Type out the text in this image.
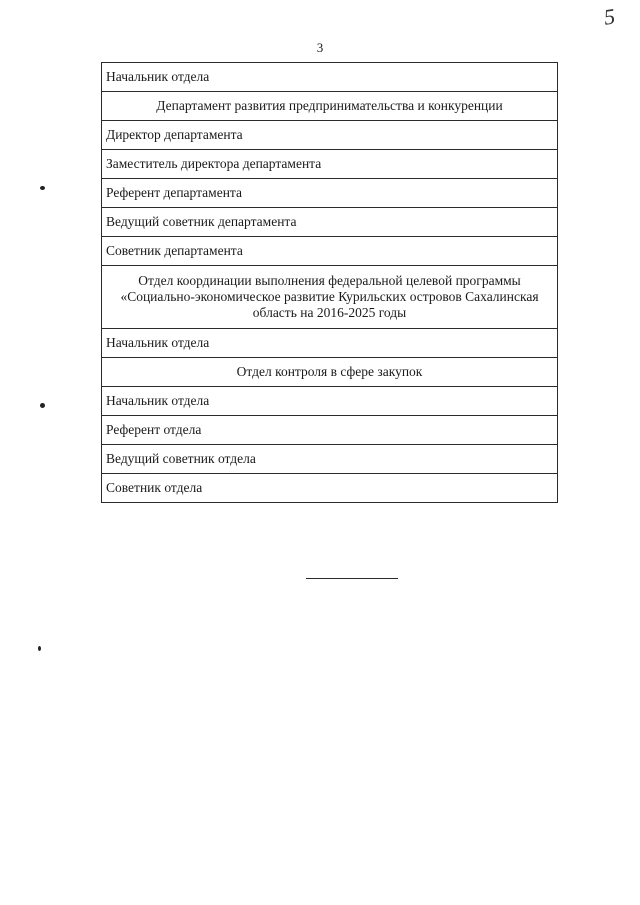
3
5
Начальник отдела
Департамент развития предпринимательства и конкуренции
Директор департамента
Заместитель директора департамента
Референт департамента
Ведущий советник департамента
Советник департамента
Отдел координации выполнения федеральной целевой программы «Социально-экономическое развитие Курильских островов Сахалинская область на 2016-2025 годы
Начальник отдела
Отдел контроля в сфере закупок
Начальник отдела
Референт отдела
Ведущий советник отдела
Советник отдела
